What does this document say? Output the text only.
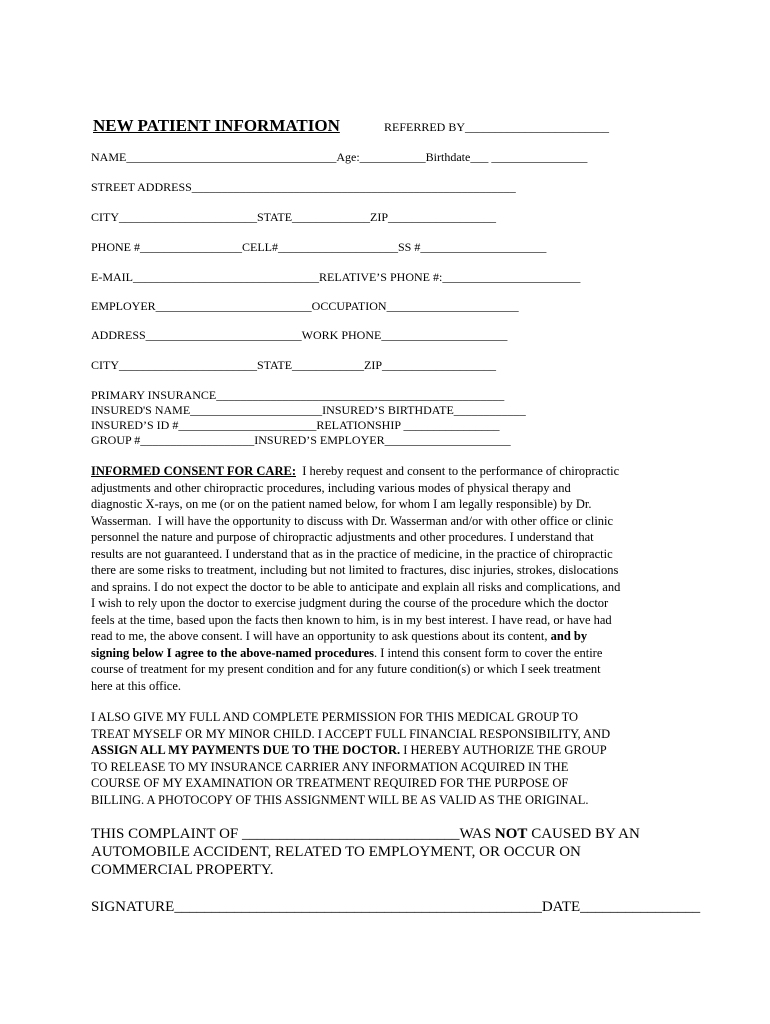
NEW PATIENT INFORMATION	REFERRED BY________________________
NAME___________________________________Age:___________Birthdate___ ________________
STREET ADDRESS______________________________________________________
CITY_______________________STATE_____________ZIP__________________
PHONE #_________________CELL#____________________SS #_____________________
E-MAIL_______________________________RELATIVE’S PHONE #:_______________________
EMPLOYER__________________________OCCUPATION______________________
ADDRESS__________________________WORK PHONE_____________________
CITY_______________________STATE____________ZIP___________________
PRIMARY INSURANCE________________________________________________
INSURED'S NAME______________________INSURED’S BIRTHDATE____________
INSURED’S ID #_______________________RELATIONSHIP ________________
GROUP #___________________INSURED’S EMPLOYER_____________________
INFORMED CONSENT FOR CARE:  I hereby request and consent to the performance of chiropractic
adjustments and other chiropractic procedures, including various modes of physical therapy and
diagnostic X-rays, on me (or on the patient named below, for whom I am legally responsible) by Dr.
Wasserman.  I will have the opportunity to discuss with Dr. Wasserman and/or with other office or clinic
personnel the nature and purpose of chiropractic adjustments and other procedures. I understand that
results are not guaranteed. I understand that as in the practice of medicine, in the practice of chiropractic
there are some risks to treatment, including but not limited to fractures, disc injuries, strokes, dislocations
and sprains. I do not expect the doctor to be able to anticipate and explain all risks and complications, and
I wish to rely upon the doctor to exercise judgment during the course of the procedure which the doctor
feels at the time, based upon the facts then known to him, is in my best interest. I have read, or have had
read to me, the above consent. I will have an opportunity to ask questions about its content, and by
signing below I agree to the above-named procedures. I intend this consent form to cover the entire
course of treatment for my present condition and for any future condition(s) or which I seek treatment
here at this office.
I ALSO GIVE MY FULL AND COMPLETE PERMISSION FOR THIS MEDICAL GROUP TO
TREAT MYSELF OR MY MINOR CHILD. I ACCEPT FULL FINANCIAL RESPONSIBILITY, AND
ASSIGN ALL MY PAYMENTS DUE TO THE DOCTOR. I HEREBY AUTHORIZE THE GROUP
TO RELEASE TO MY INSURANCE CARRIER ANY INFORMATION ACQUIRED IN THE
COURSE OF MY EXAMINATION OR TREATMENT REQUIRED FOR THE PURPOSE OF
BILLING. A PHOTOCOPY OF THIS ASSIGNMENT WILL BE AS VALID AS THE ORIGINAL.
THIS COMPLAINT OF _____________________________WAS NOT CAUSED BY AN
AUTOMOBILE ACCIDENT, RELATED TO EMPLOYMENT, OR OCCUR ON
COMMERCIAL PROPERTY.
SIGNATURE_________________________________________________DATE________________
